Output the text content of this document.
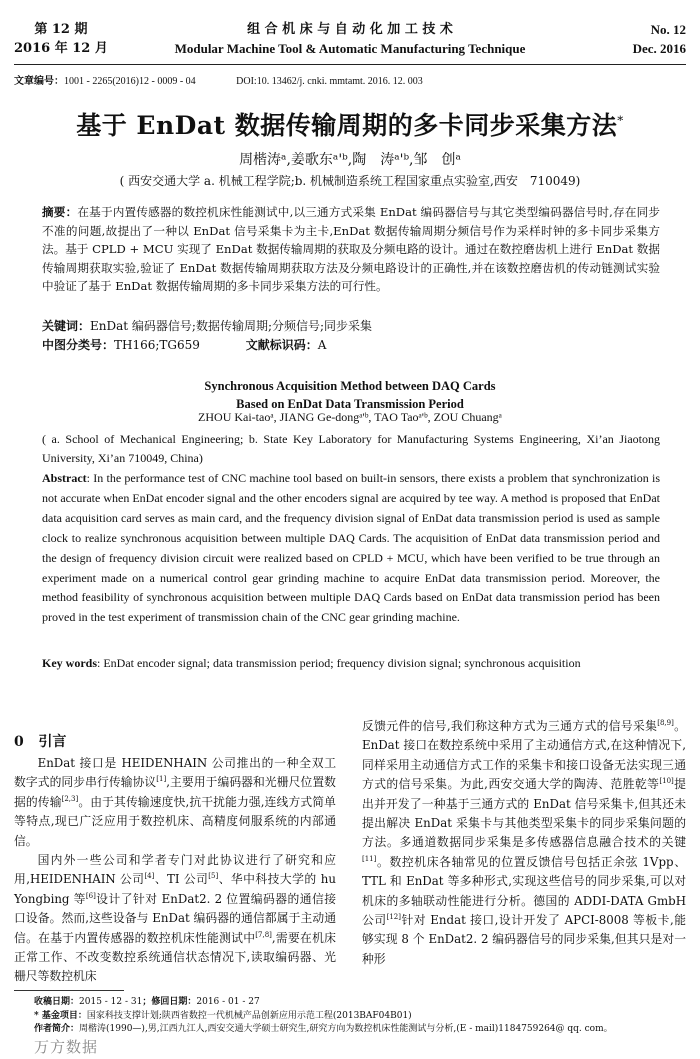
第 12 期
2016 年 12 月
组 合 机 床 与 自 动 化 加 工 技 术
Modular Machine Tool & Automatic Manufacturing Technique
No. 12
Dec. 2016
文章编号：1001 - 2265(2016)12 - 0009 - 04	DOI:10. 13462/j. cnki. mmtamt. 2016. 12. 003
基于 EnDat 数据传输周期的多卡同步采集方法*
周楷涛ᵃ,姜歌东ᵃ'ᵇ,陶　涛ᵃ'ᵇ,邹　创ᵃ
( 西安交通大学 a. 机械工程学院;b. 机械制造系统工程国家重点实验室,西安　710049)
摘要：在基于内置传感器的数控机床性能测试中,以三通方式采集 EnDat 编码器信号与其它类型编码器信号时,存在同步不准的问题,故提出了一种以 EnDat 信号采集卡为主卡,EnDat 数据传输周期分频信号作为采样时钟的多卡同步采集方法。基于 CPLD + MCU 实现了 EnDat 数据传输周期的获取及分频电路的设计。通过在数控磨齿机上进行 EnDat 数据传输周期获取实验,验证了 EnDat 数据传输周期获取方法及分频电路设计的正确性,并在该数控磨齿机的传动链测试实验中验证了基于 EnDat 数据传输周期的多卡同步采集方法的可行性。
关键词：EnDat 编码器信号;数据传输周期;分频信号;同步采集
中图分类号：TH166;TG659	文献标识码：A
Synchronous Acquisition Method between DAQ Cards
Based on EnDat Data Transmission Period
ZHOU Kai-taoᵃ, JIANG Ge-dongᵃ'ᵇ, TAO Taoᵃ'ᵇ, ZOU Chuangᵃ
( a. School of Mechanical Engineering; b. State Key Laboratory for Manufacturing Systems Engineering, Xi’an Jiaotong University, Xi’an 710049, China)
Abstract: In the performance test of CNC machine tool based on built-in sensors, there exists a problem that synchronization is not accurate when EnDat encoder signal and the other encoders signal are acquired by tee way. A method is proposed that EnDat data acquisition card serves as main card, and the frequency division signal of EnDat data transmission period is used as sample clock to realize synchronous acquisition between multiple DAQ Cards. The acquisition of EnDat data transmission period and the design of frequency division circuit were realized based on CPLD + MCU, which have been verified to be true through an experiment made on a numerical control gear grinding machine to acquire EnDat data transmission period. Moreover, the method feasibility of synchronous acquisition between multiple DAQ Cards based on EnDat data transmission period has been proved in the test experiment of transmission chain of the CNC gear grinding machine.
Key words: EnDat encoder signal; data transmission period; frequency division signal; synchronous acquisition
0 引言

EnDat 接口是 HEIDENHAIN 公司推出的一种全双工数字式的同步串行传输协议[1],主要用于编码器和光栅尺位置数据的传输[2,3]。由于其传输速度快,抗干扰能力强,连线方式简单等特点,现已广泛应用于数控机床、高精度伺服系统的内部通信。

国内外一些公司和学者专门对此协议进行了研究和应用,HEIDENHAIN 公司[4]、TI 公司[5]、华中科技大学的 hu Yongbing 等[6]设计了针对 EnDat2. 2 位置编码器的通信接口设备。然而,这些设备与 EnDat 编码器的通信都属于主动通信。在基于内置传感器的数控机床性能测试中[7,8],需要在机床正常工作、不改变数控系统通信状态情况下,读取编码器、光栅尺等数控机床

反馈元件的信号,我们称这种方式为三通方式的信号采集[8,9]。EnDat 接口在数控系统中采用了主动通信方式,在这种情况下,同样采用主动通信方式工作的采集卡和接口设备无法实现三通方式的信号采集。为此,西安交通大学的陶涛、范胜乾等[10]提出并开发了一种基于三通方式的 EnDat 信号采集卡,但其还未提出解决 EnDat 采集卡与其他类型采集卡的同步采集问题的方法。多通道数据同步采集是多传感器信息融合技术的关键[11]。数控机床各轴常见的位置反馈信号包括正余弦 1Vpp、TTL 和 EnDat 等多种形式,实现这些信号的同步采集,可以对机床的多轴联动性能进行分析。德国的 ADDI-DATA GmbH 公司[12]针对 Endat 接口,设计开发了 APCI-8008 等板卡,能够实现 8 个 EnDat2. 2 编码器信号的同步采集,但其只是对一种形

收稿日期：2015 - 12 - 31；修回日期：2016 - 01 - 27
* 基金项目：国家科技支撑计划;陕西省数控一代机械产品创新应用示范工程(2013BAF04B01)
作者简介：周楷涛(1990—),男,江西九江人,西安交通大学硕士研究生,研究方向为数控机床性能测试与分析,(E - mail)1184759264@ qq. com。
万方数据
